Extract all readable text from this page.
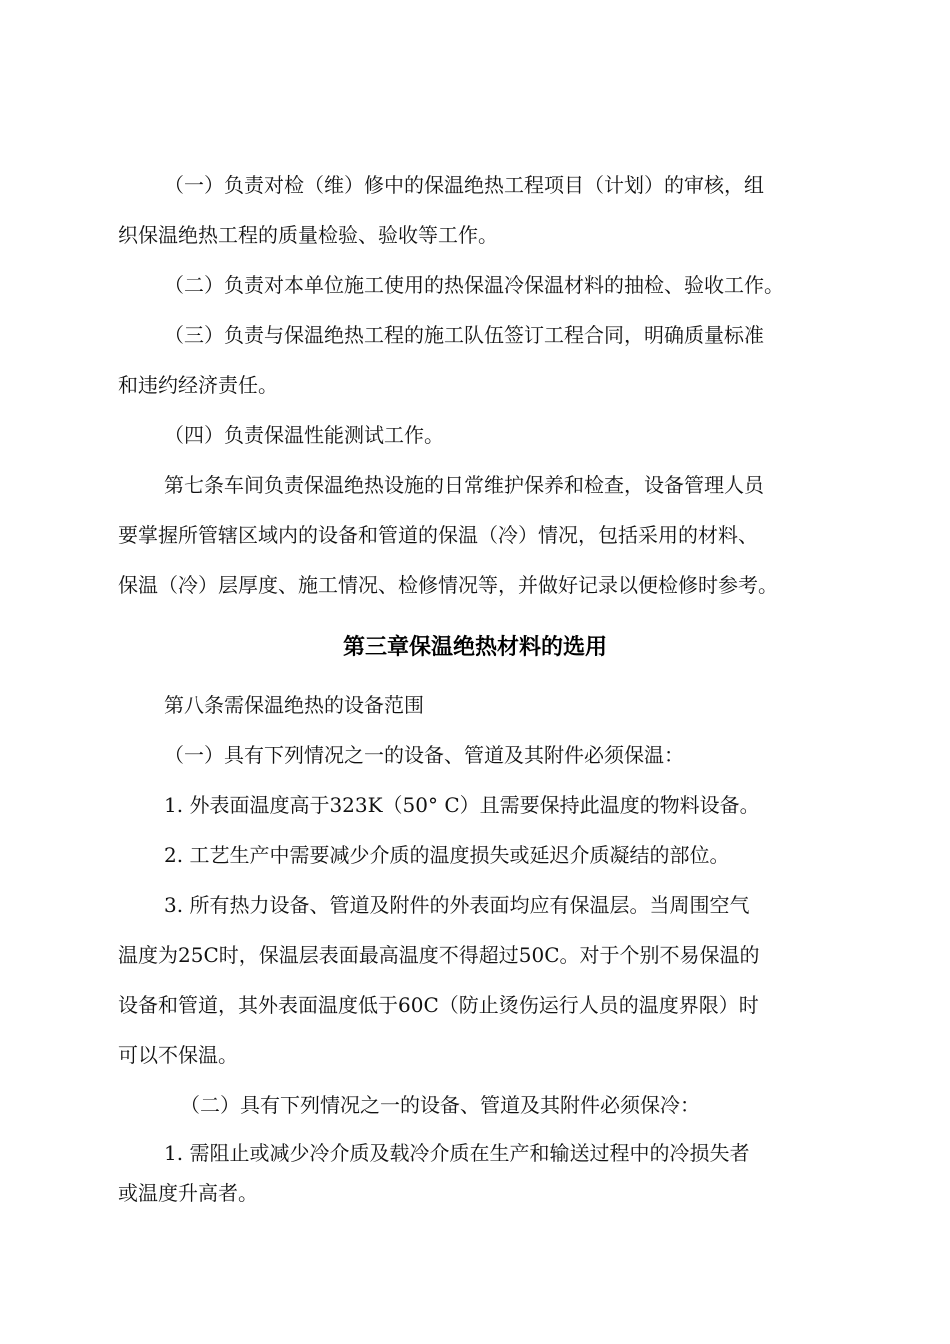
（一）负责对检（维）修中的保温绝热工程项目（计划）的审核，组
织保温绝热工程的质量检验、验收等工作。
（二）负责对本单位施工使用的热保温冷保温材料的抽检、验收工作。
（三）负责与保温绝热工程的施工队伍签订工程合同，明确质量标准
和违约经济责任。
（四）负责保温性能测试工作。
第七条车间负责保温绝热设施的日常维护保养和检查，设备管理人员
要掌握所管辖区域内的设备和管道的保温（冷）情况，包括采用的材料、
保温（冷）层厚度、施工情况、检修情况等，并做好记录以便检修时参考。
第三章保温绝热材料的选用
第八条需保温绝热的设备范围
（一）具有下列情况之一的设备、管道及其附件必须保温：
1. 外表面温度高于323K（50° C）且需要保持此温度的物料设备。
2. 工艺生产中需要减少介质的温度损失或延迟介质凝结的部位。
3. 所有热力设备、管道及附件的外表面均应有保温层。当周围空气
温度为25C时，保温层表面最高温度不得超过50C。对于个别不易保温的
设备和管道，其外表面温度低于60C（防止烫伤运行人员的温度界限）时
可以不保温。
（二）具有下列情况之一的设备、管道及其附件必须保冷：
1. 需阻止或减少冷介质及载冷介质在生产和输送过程中的冷损失者
或温度升高者。
